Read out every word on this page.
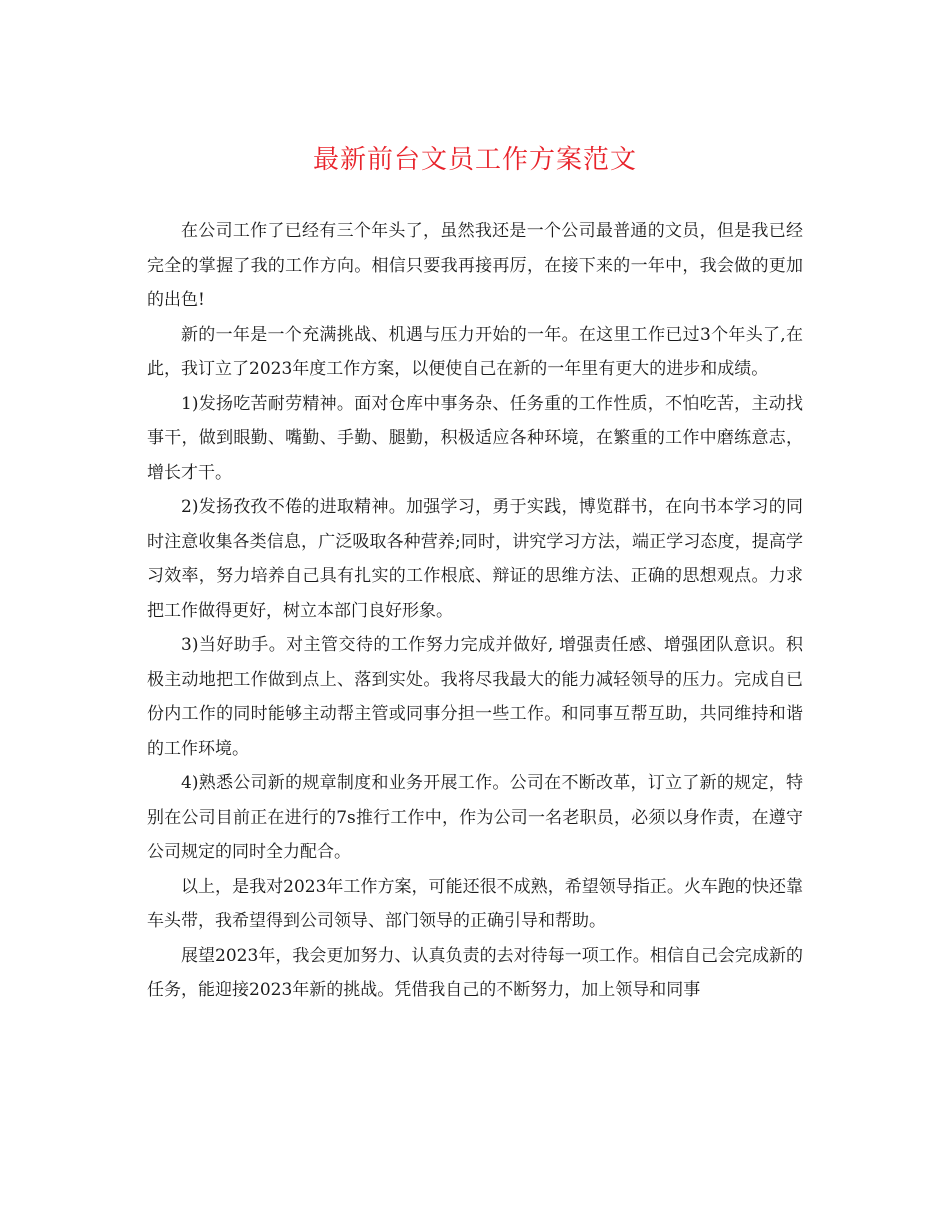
最新前台文员工作方案范文

在公司工作了已经有三个年头了，虽然我还是一个公司最普通的文员，但是我已经完全的掌握了我的工作方向。相信只要我再接再厉，在接下来的一年中，我会做的更加的出色!

新的一年是一个充满挑战、机遇与压力开始的一年。在这里工作已过3个年头了,在此，我订立了2023年度工作方案，以便使自己在新的一年里有更大的进步和成绩。

1)发扬吃苦耐劳精神。面对仓库中事务杂、任务重的工作性质，不怕吃苦，主动找事干，做到眼勤、嘴勤、手勤、腿勤，积极适应各种环境，在繁重的工作中磨练意志，增长才干。

2)发扬孜孜不倦的进取精神。加强学习，勇于实践，博览群书，在向书本学习的同时注意收集各类信息，广泛吸取各种营养;同时，讲究学习方法，端正学习态度，提高学习效率，努力培养自己具有扎实的工作根底、辩证的思维方法、正确的思想观点。力求把工作做得更好，树立本部门良好形象。

3)当好助手。对主管交待的工作努力完成并做好, 增强责任感、增强团队意识。积极主动地把工作做到点上、落到实处。我将尽我最大的能力减轻领导的压力。完成自已份内工作的同时能够主动帮主管或同事分担一些工作。和同事互帮互助，共同维持和谐的工作环境。

4)熟悉公司新的规章制度和业务开展工作。公司在不断改革，订立了新的规定，特别在公司目前正在进行的7s推行工作中，作为公司一名老职员，必须以身作责，在遵守公司规定的同时全力配合。

以上，是我对2023年工作方案，可能还很不成熟，希望领导指正。火车跑的快还靠车头带，我希望得到公司领导、部门领导的正确引导和帮助。

展望2023年，我会更加努力、认真负责的去对待每一项工作。相信自己会完成新的任务，能迎接2023年新的挑战。凭借我自己的不断努力，加上领导和同事
